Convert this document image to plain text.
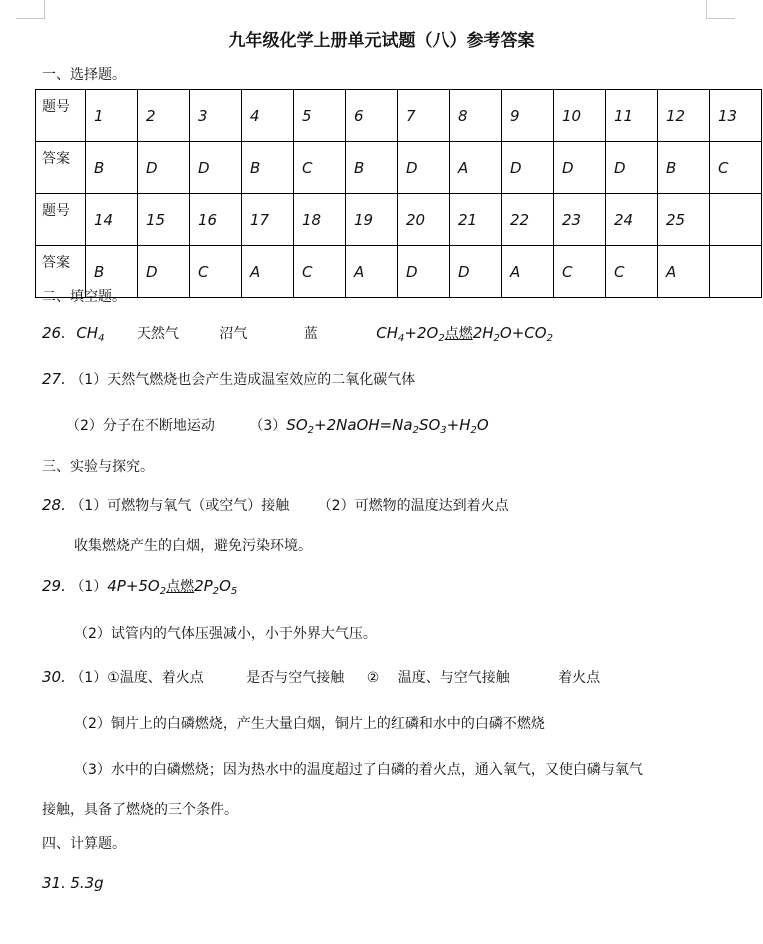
九年级化学上册单元试题（八）参考答案
一、选择题。
题号	1	2	3	4	5	6	7	8	9	10	11	12	13
答案	B	D	D	B	C	B	D	A	D	D	D	B	C
题号	14	15	16	17	18	19	20	21	22	23	24	25	
答案	B	D	C	A	C	A	D	D	A	C	C	A	
二、填空题。
26. $CH_4$ 天然气	沼气	蓝	$CH_4+2O_2$点燃$2H_2O+CO_2$
27. （1）天然气燃烧也会产生造成温室效应的二氧化碳气体
（2）分子在不断地运动 $(3)SO_2+2NaOH=Na_2SO_3+H_2O$
三、实验与探究。
28. （1）可燃物与氧气（或空气）接触 （2）可燃物的温度达到着火点
收集燃烧产生的白烟，避免污染环境。
29. $(1)4P+5O_2$点燃$2P_2O_5$
（2）试管内的气体压强减小，小于外界大气压。
30. （1）①温度、着火点	是否与空气接触 ② 温度、与空气接触	着火点
（2）铜片上的白磷燃烧，产生大量白烟，铜片上的红磷和水中的白磷不燃烧
（3）水中的白磷燃烧；因为热水中的温度超过了白磷的着火点，通入氧气，又使白磷与氧气
接触，具备了燃烧的三个条件。
四、计算题。
31. 5.3g
